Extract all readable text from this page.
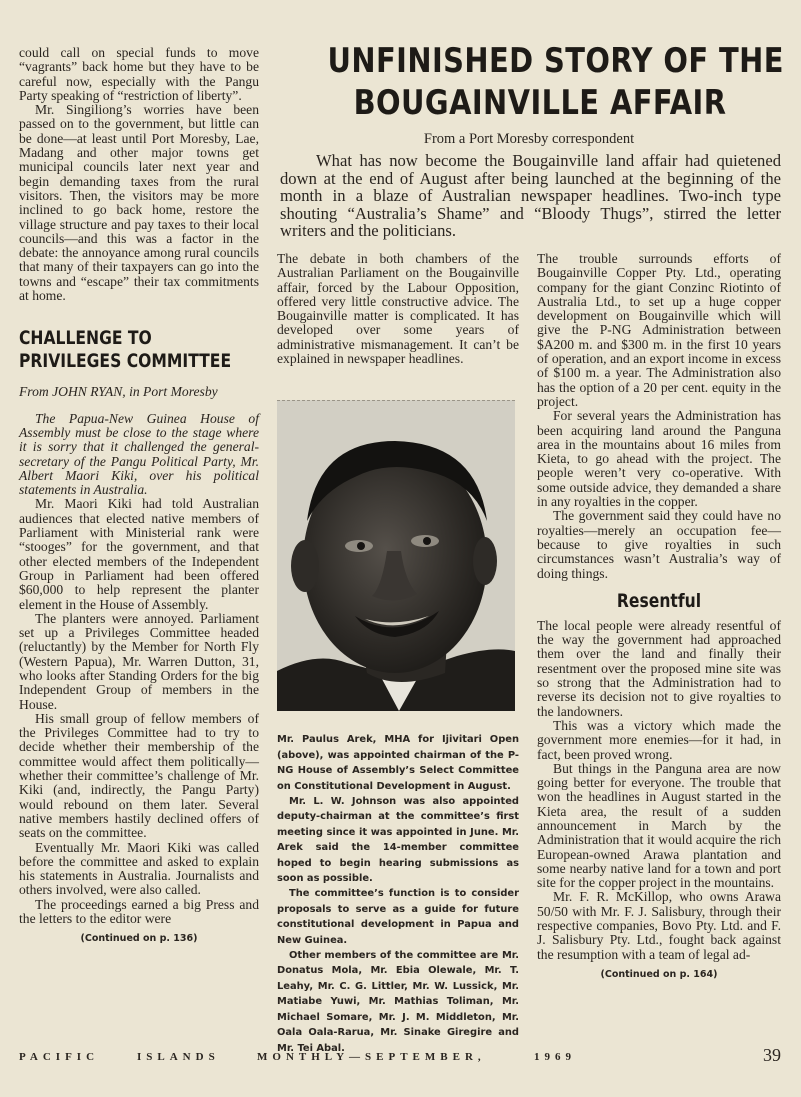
could call on special funds to move “vagrants” back home but they have to be careful now, especially with the Pangu Party speaking of “restriction of liberty”.

Mr. Singiliong’s worries have been passed on to the government, but little can be done—at least until Port Moresby, Lae, Madang and other major towns get municipal councils later next year and begin demanding taxes from the rural visitors. Then, the visitors may be more inclined to go back home, restore the village structure and pay taxes to their local councils—and this was a factor in the debate: the annoyance among rural councils that many of their taxpayers can go into the towns and “escape” their tax commitments at home.

CHALLENGE TO
PRIVILEGES COMMITTEE
From JOHN RYAN, in Port Moresby

The Papua-New Guinea House of Assembly must be close to the stage where it is sorry that it challenged the general-secretary of the Pangu Political Party, Mr. Albert Maori Kiki, over his political statements in Australia.

Mr. Maori Kiki had told Australian audiences that elected native members of Parliament with Ministerial rank were “stooges” for the government, and that other elected members of the Independent Group in Parliament had been offered $60,000 to help represent the planter element in the House of Assembly.

The planters were annoyed. Parliament set up a Privileges Committee headed (reluctantly) by the Member for North Fly (Western Papua), Mr. Warren Dutton, 31, who looks after Standing Orders for the big Independent Group of members in the House.

His small group of fellow members of the Privileges Committee had to try to decide whether their membership of the committee would affect them politically—whether their committee’s challenge of Mr. Kiki (and, indirectly, the Pangu Party) would rebound on them later. Several native members hastily declined offers of seats on the committee.

Eventually Mr. Maori Kiki was called before the committee and asked to explain his statements in Australia. Journalists and others involved, were also called.

The proceedings earned a big Press and the letters to the editor were

(Continued on p. 136)
UNFINISHED STORY OF THE
BOUGAINVILLE AFFAIR
From a Port Moresby correspondent
What has now become the Bougainville land affair had quietened down at the end of August after being launched at the beginning of the month in a blaze of Australian newspaper headlines. Two-inch type shouting “Australia’s Shame” and “Bloody Thugs”, stirred the letter writers and the politicians.

The debate in both chambers of the Australian Parliament on the Bougainville affair, forced by the Labour Opposition, offered very little constructive advice. The Bougainville matter is complicated. It has developed over some years of administrative mismanagement. It can’t be explained in newspaper headlines.

Mr. Paulus Arek, MHA for Ijivitari Open (above), was appointed chairman of the P-NG House of Assembly’s Select Committee on Constitutional Development in August.

Mr. L. W. Johnson was also appointed deputy-chairman at the committee’s first meeting since it was appointed in June. Mr. Arek said the 14-member committee hoped to begin hearing submissions as soon as possible.

The committee’s function is to consider proposals to serve as a guide for future constitutional development in Papua and New Guinea.

Other members of the committee are Mr. Donatus Mola, Mr. Ebia Olewale, Mr. T. Leahy, Mr. C. G. Littler, Mr. W. Lussick, Mr. Matiabe Yuwi, Mr. Mathias Toliman, Mr. Michael Somare, Mr. J. M. Middleton, Mr. Oala Oala-Rarua, Mr. Sinake Giregire and Mr. Tei Abal.

The trouble surrounds efforts of Bougainville Copper Pty. Ltd., operating company for the giant Conzinc Riotinto of Australia Ltd., to set up a huge copper development on Bougainville which will give the P-NG Administration between $A200 m. and $300 m. in the first 10 years of operation, and an export income in excess of $100 m. a year. The Administration also has the option of a 20 per cent. equity in the project.

For several years the Administration has been acquiring land around the Panguna area in the mountains about 16 miles from Kieta, to go ahead with the project. The people weren’t very co-operative. With some outside advice, they demanded a share in any royalties in the copper.

The government said they could have no royalties—merely an occupation fee—because to give royalties in such circumstances wasn’t Australia’s way of doing things.

Resentful

The local people were already resentful of the way the government had approached them over the land and finally their resentment over the proposed mine site was so strong that the Administration had to reverse its decision not to give royalties to the landowners.

This was a victory which made the government more enemies—for it had, in fact, been proved wrong.

But things in the Panguna area are now going better for everyone. The trouble that won the headlines in August started in the Kieta area, the result of a sudden announcement in March by the Administration that it would acquire the rich European-owned Arawa plantation and some nearby native land for a town and port site for the copper project in the mountains.

Mr. F. R. McKillop, who owns Arawa 50/50 with Mr. F. J. Salisbury, through their respective companies, Bovo Pty. Ltd. and F. J. Salisbury Pty. Ltd., fought back against the resumption with a team of legal ad-

(Continued on p. 164)
PACIFIC	ISLANDS	MONTHLY—SEPTEMBER,	1969	39
